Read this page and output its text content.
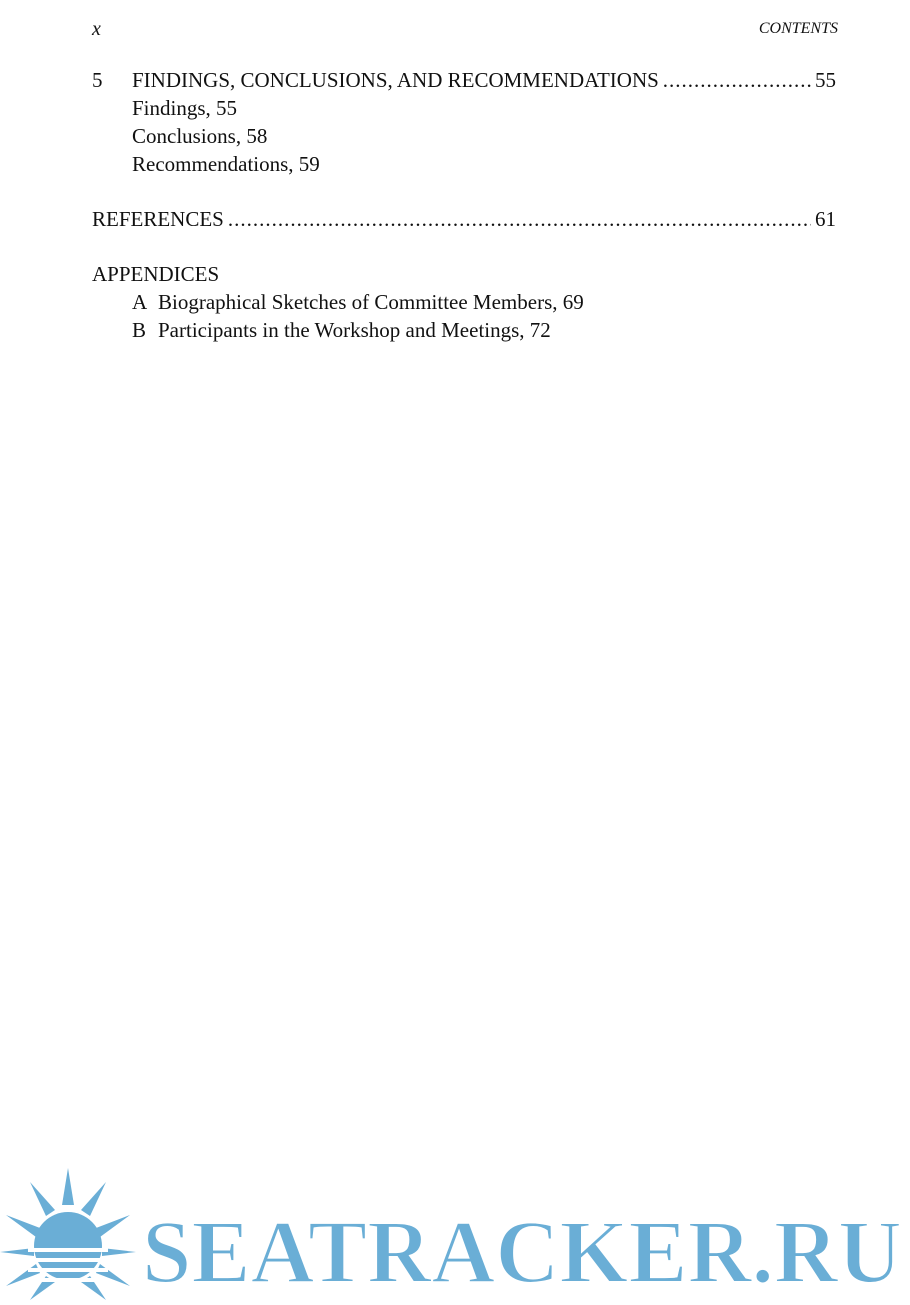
x	CONTENTS
5	FINDINGS, CONCLUSIONS, AND RECOMMENDATIONS .....	55
Findings, 55
Conclusions, 58
Recommendations, 59
REFERENCES .....	61
APPENDICES
A Biographical Sketches of Committee Members, 69
B Participants in the Workshop and Meetings, 72
SEATRACKER.RU
